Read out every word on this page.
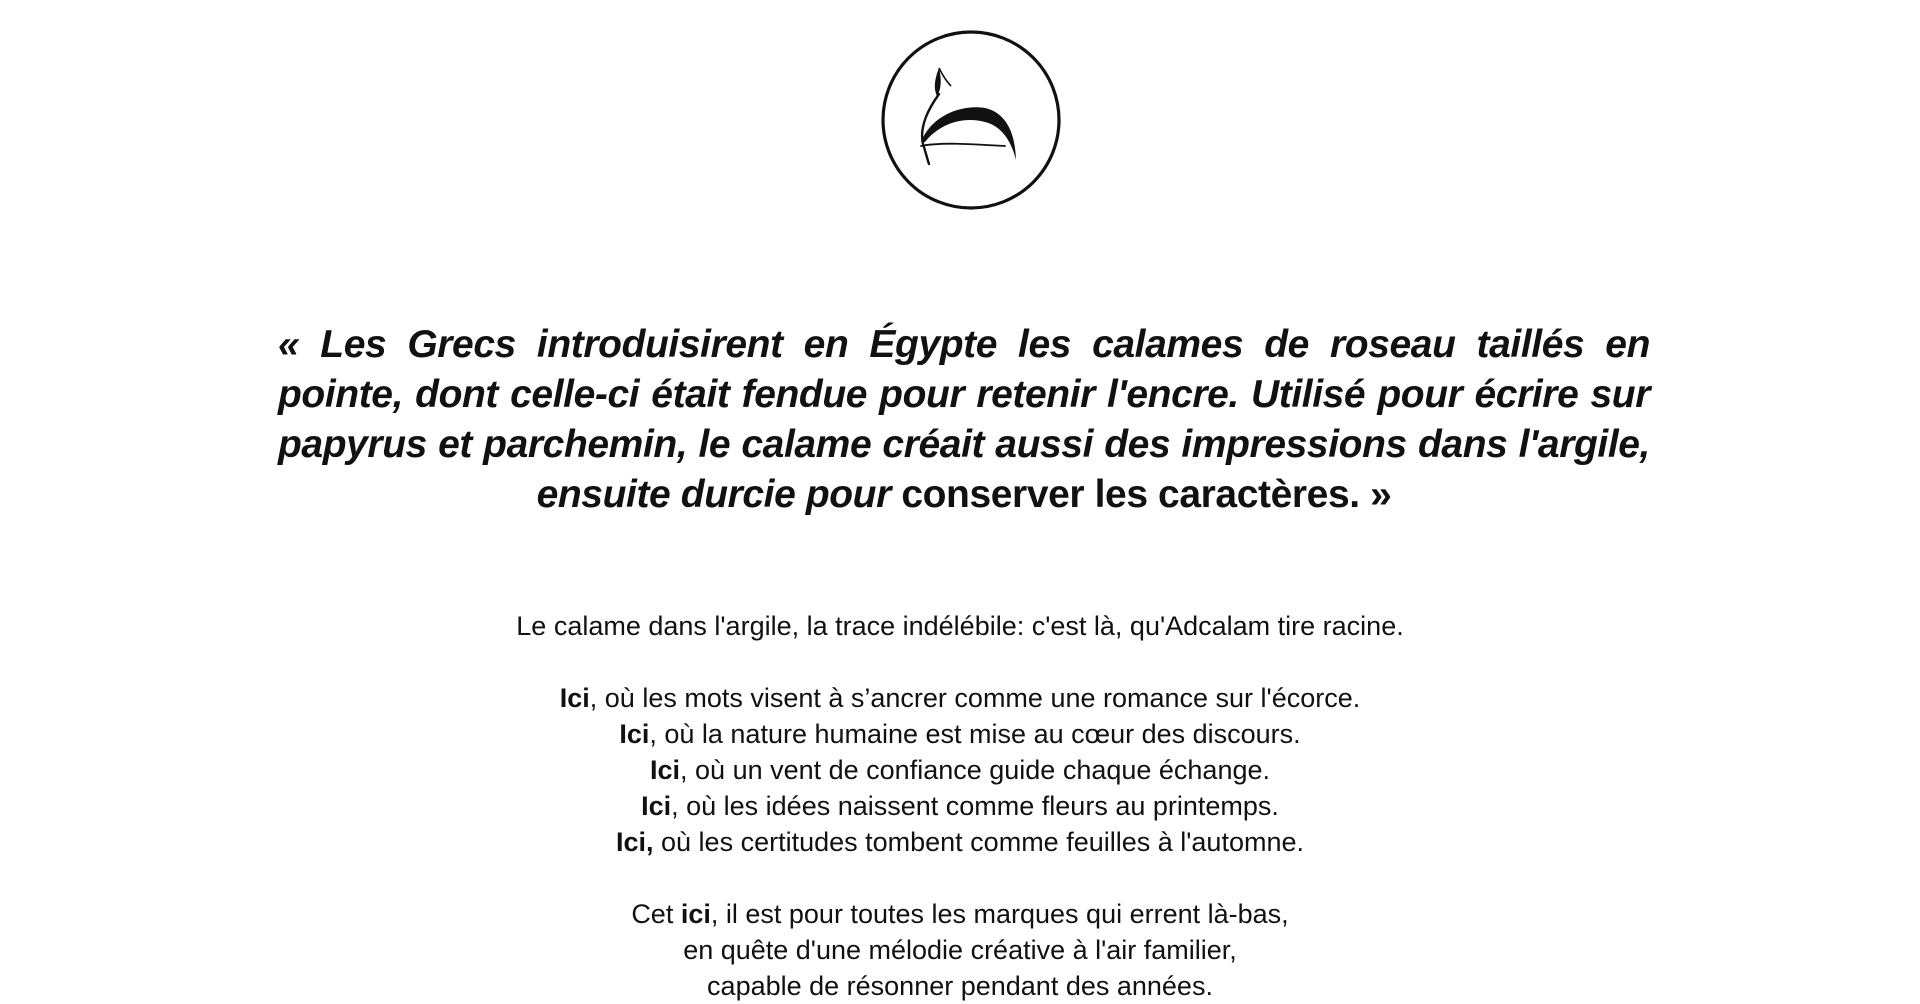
« Les Grecs introduisirent en Égypte les calames de roseau taillés en pointe, dont celle-ci était fendue pour retenir l'encre. Utilisé pour écrire sur papyrus et parchemin, le calame créait aussi des impressions dans l'argile, ensuite durcie pour conserver les caractères. »

Le calame dans l'argile, la trace indélébile: c'est là, qu'Adcalam tire racine.

Ici, où les mots visent à s’ancrer comme une romance sur l'écorce.
Ici, où la nature humaine est mise au cœur des discours.
Ici, où un vent de confiance guide chaque échange.
Ici, où les idées naissent comme fleurs au printemps.
Ici, où les certitudes tombent comme feuilles à l'automne.

Cet ici, il est pour toutes les marques qui errent là-bas,
en quête d'une mélodie créative à l'air familier,
capable de résonner pendant des années.
